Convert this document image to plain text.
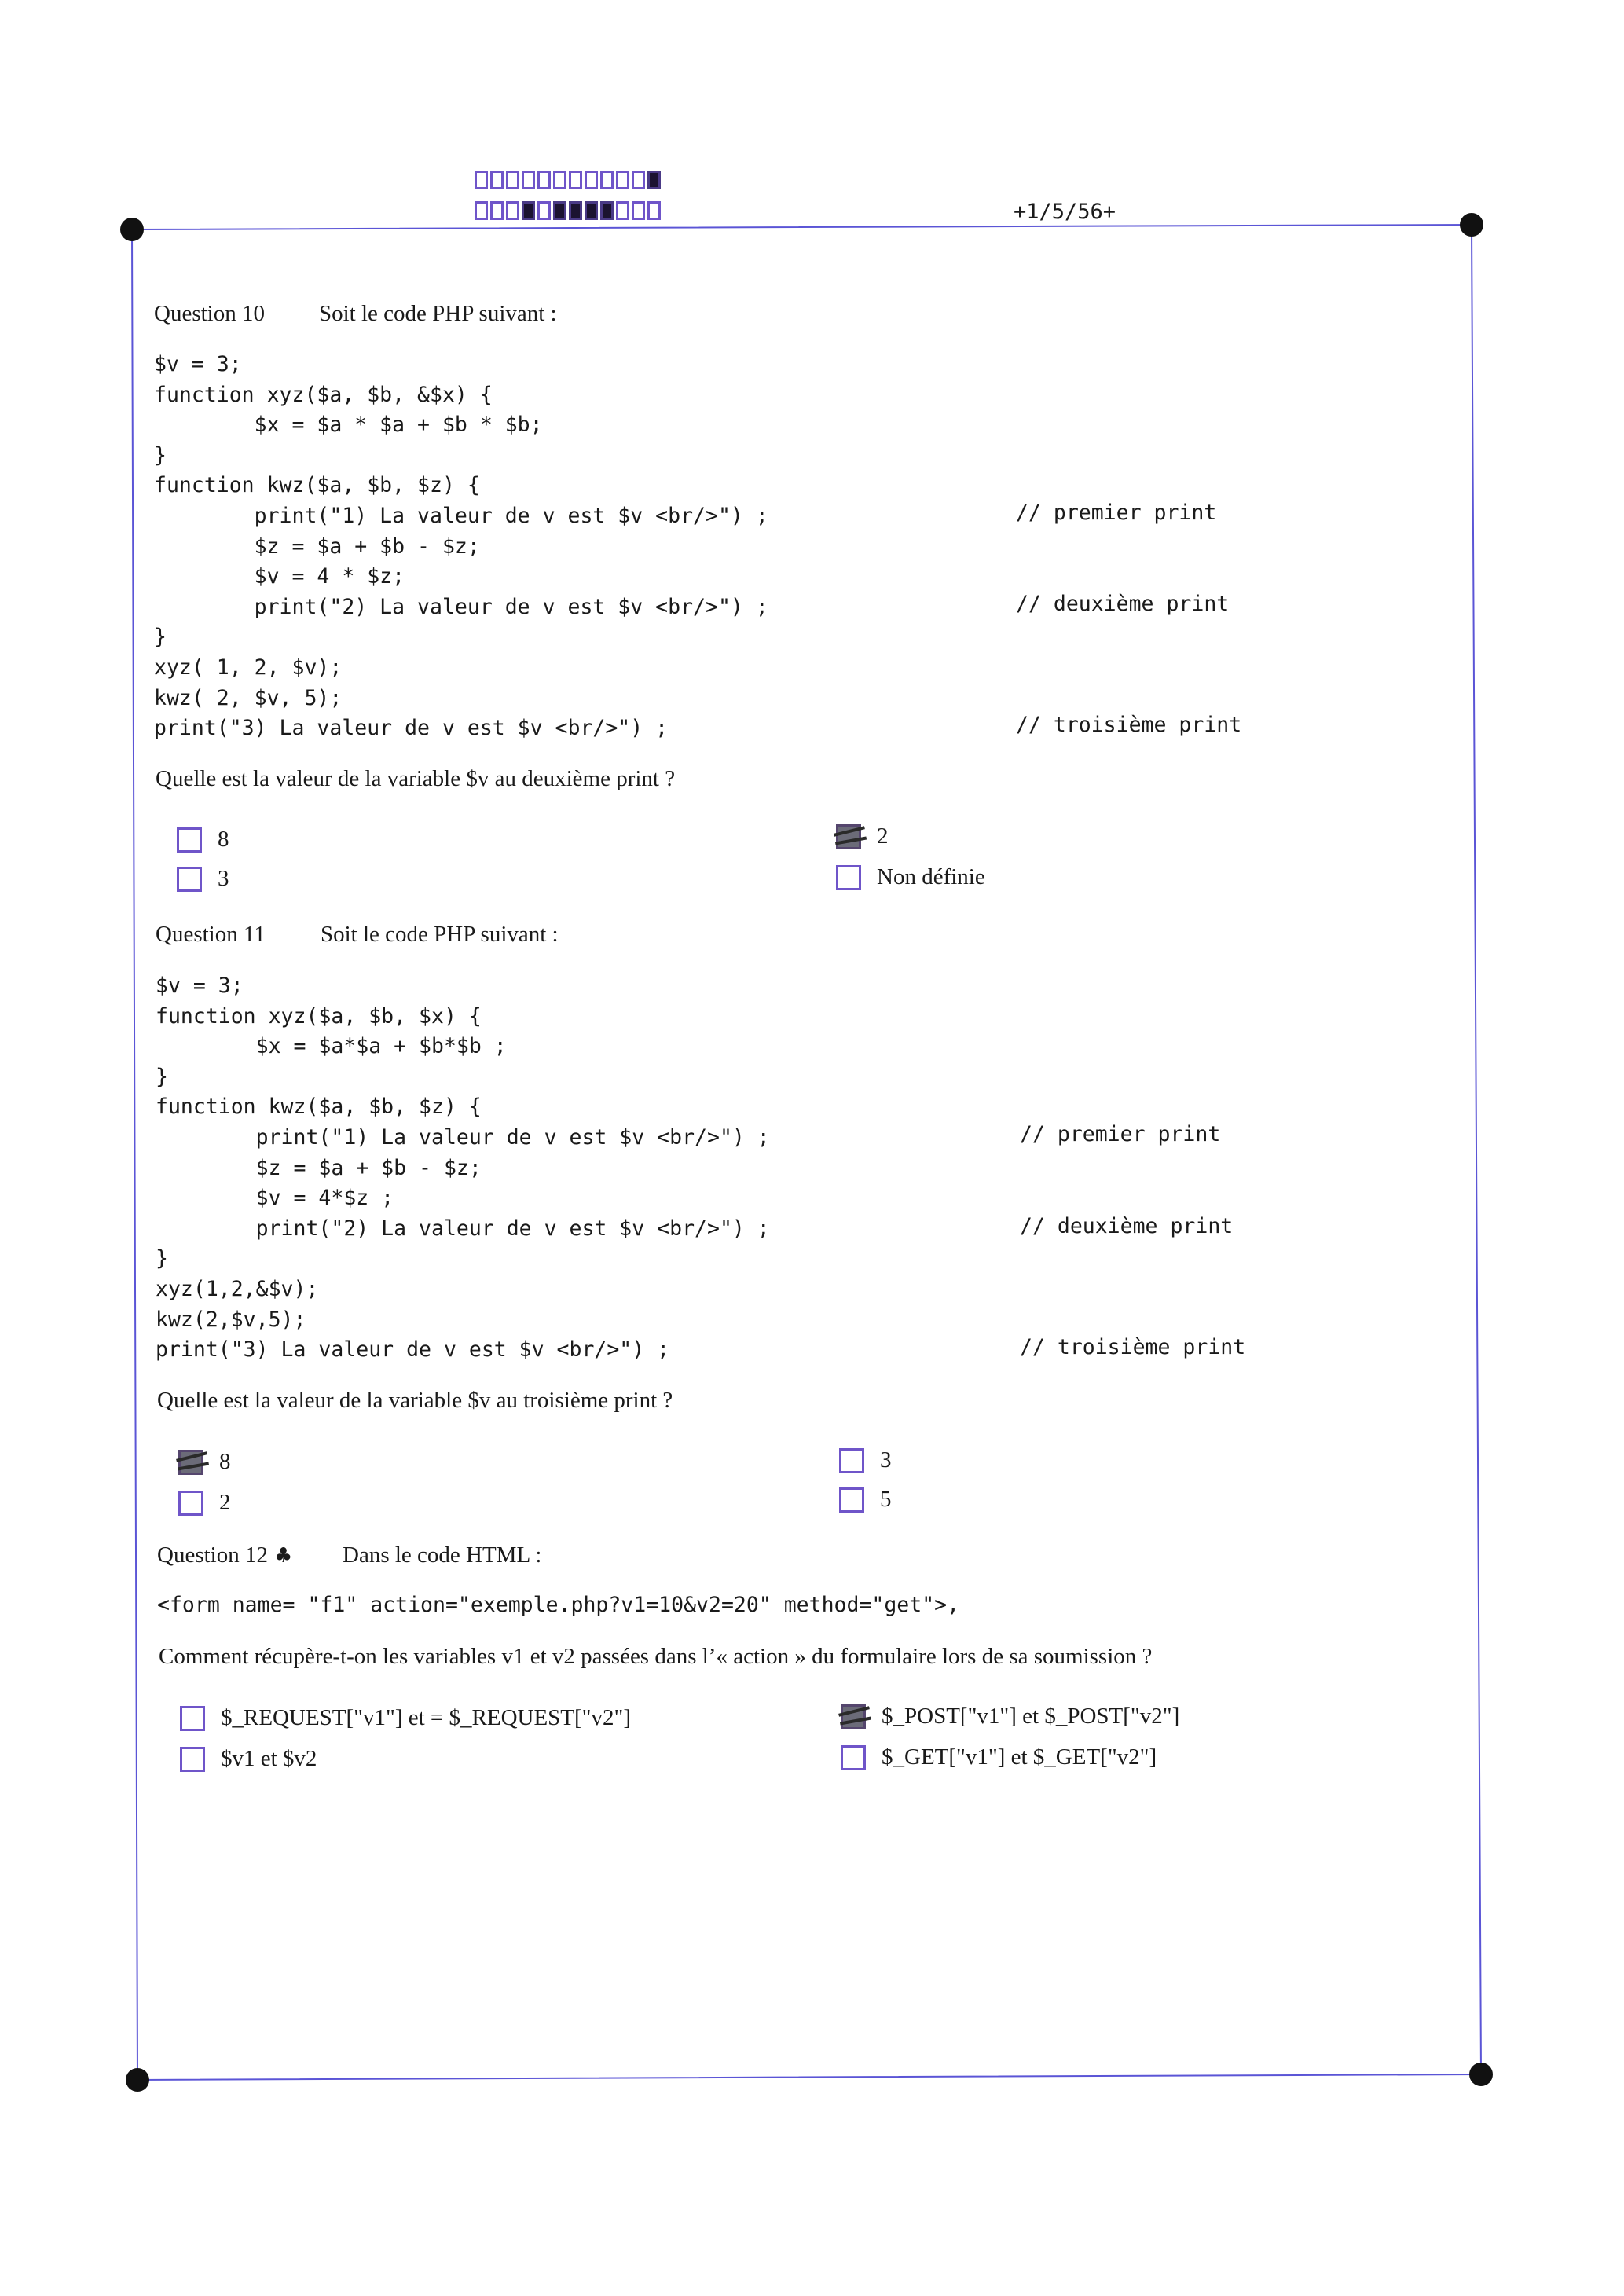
+1/5/56+
Question 10 Soit le code PHP suivant :
$v = 3;
function xyz($a, $b, &$x) {
$x = $a * $a + $b * $b;
}
function kwz($a, $b, $z) {
print("1) La valeur de v est $v <br/>") ;
$z = $a + $b - $z;
$v = 4 * $z;
print("2) La valeur de v est $v <br/>") ;
}
xyz( 1, 2, $v);
kwz( 2, $v, 5);
print("3) La valeur de v est $v <br/>") ;
// premier print
// deuxième print
// troisième print
Quelle est la valeur de la variable $v au deuxième print ?
8
3
2
Non définie
Question 11 Soit le code PHP suivant :
$v = 3;
function xyz($a, $b, $x) {
$x = $a*$a + $b*$b ;
}
function kwz($a, $b, $z) {
print("1) La valeur de v est $v <br/>") ;
$z = $a + $b - $z;
$v = 4*$z ;
print("2) La valeur de v est $v <br/>") ;
}
xyz(1,2,&$v);
kwz(2,$v,5);
print("3) La valeur de v est $v <br/>") ;
// premier print
// deuxième print
// troisième print
Quelle est la valeur de la variable $v au troisième print ?
8
2
3
5
Question 12 ♣ Dans le code HTML :
<form name= "f1" action="exemple.php?v1=10&v2=20" method="get">,
Comment récupère-t-on les variables v1 et v2 passées dans l’« action » du formulaire lors de sa soumission ?
$_REQUEST["v1"] et = $_REQUEST["v2"]
$v1 et $v2
$_POST["v1"] et $_POST["v2"]
$_GET["v1"] et $_GET["v2"]
